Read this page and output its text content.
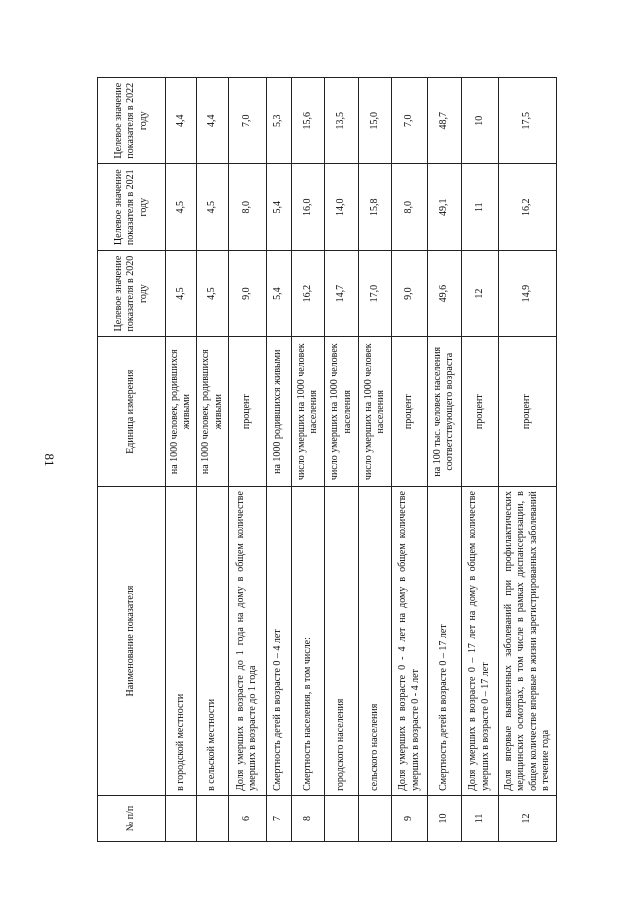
81
№ п/п	Наименование показателя	Единица измерения	Целевое значение показателя в 2020 году	Целевое значение показателя в 2021 году	Целевое значение показателя в 2022 году
	в городской местности	на 1000 человек, родившихся живыми	4,5	4,5	4,4
	в сельской местности	на 1000 человек, родившихся живыми	4,5	4,5	4,4
6	Доля умерших в возрасте до 1 года на дому в общем количестве умерших в возрасте до 1 года	процент	9,0	8,0	7,0
7	Смертность детей в возрасте 0 – 4 лет	на 1000 родившихся живыми	5,4	5,4	5,3
8	Смертность населения, в том числе:	число умерших на 1000 человек населения	16,2	16,0	15,6
	городского населения	число умерших на 1000 человек населения	14,7	14,0	13,5
	сельского населения	число умерших на 1000 человек населения	17,0	15,8	15,0
9	Доля умерших в возрасте 0 - 4 лет на дому в общем количестве умерших в возрасте 0 - 4 лет	процент	9,0	8,0	7,0
10	Смертность детей в возрасте 0 – 17 лет	на 100 тыс. человек населения соответствующего возраста	49,6	49,1	48,7
11	Доля умерших в возрасте 0 – 17 лет на дому в общем количестве умерших в возрасте 0 – 17 лет	процент	12	11	10
12	Доля впервые выявленных заболеваний при профилактических медицинских осмотрах, в том числе в рамках диспансеризации, в общем количестве впервые в жизни зарегистрированных заболеваний в течение года	процент	14,9	16,2	17,5
